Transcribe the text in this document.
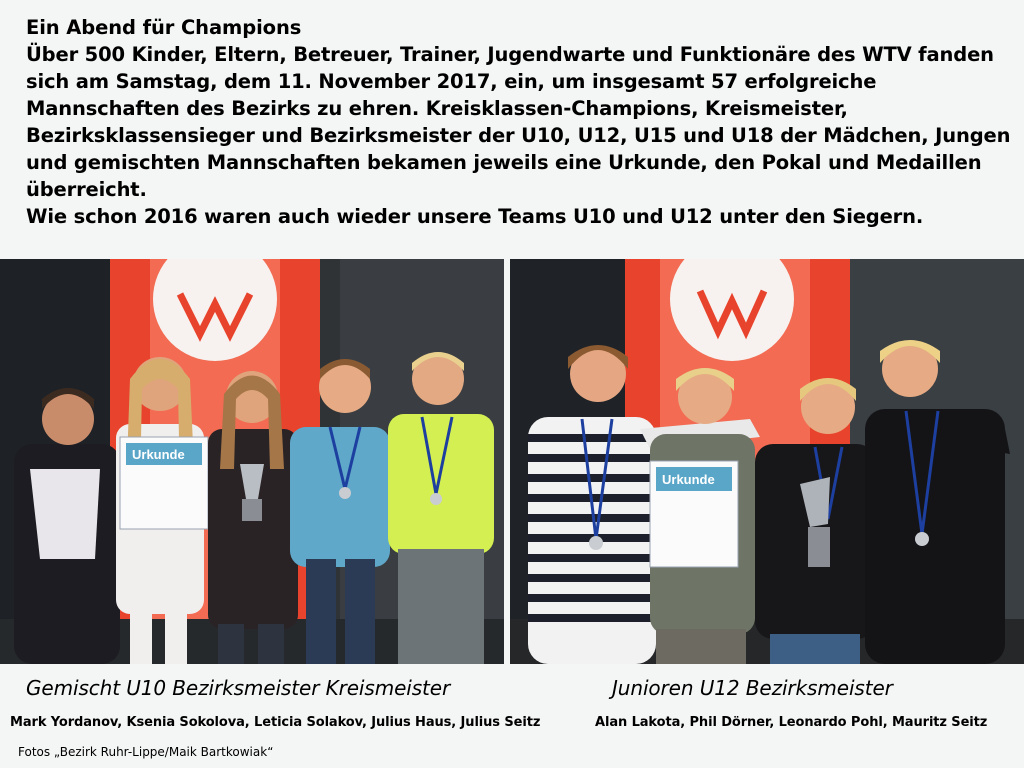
Ein Abend für Champions

Über 500 Kinder, Eltern, Betreuer, Trainer, Jugendwarte und Funktionäre des WTV fanden sich am Samstag, dem 11. November 2017, ein, um insgesamt 57 erfolgreiche Mannschaften des Bezirks zu ehren. Kreisklassen-Champions, Kreismeister, Bezirksklassensieger und Bezirksmeister der U10, U12, U15 und U18 der Mädchen, Jungen und gemischten Mannschaften bekamen jeweils eine Urkunde, den Pokal und Medaillen überreicht.

Wie schon 2016 waren auch wieder unsere Teams U10 und U12 unter den Siegern.

Urkunde
Urkunde
Gemischt U10 Bezirksmeister Kreismeister	Junioren U12 Bezirksmeister
Mark Yordanov, Ksenia Sokolova, Leticia Solakov, Julius Haus, Julius Seitz	Alan Lakota, Phil Dörner, Leonardo Pohl, Mauritz Seitz
Fotos „Bezirk Ruhr-Lippe/Maik Bartkowiak“
